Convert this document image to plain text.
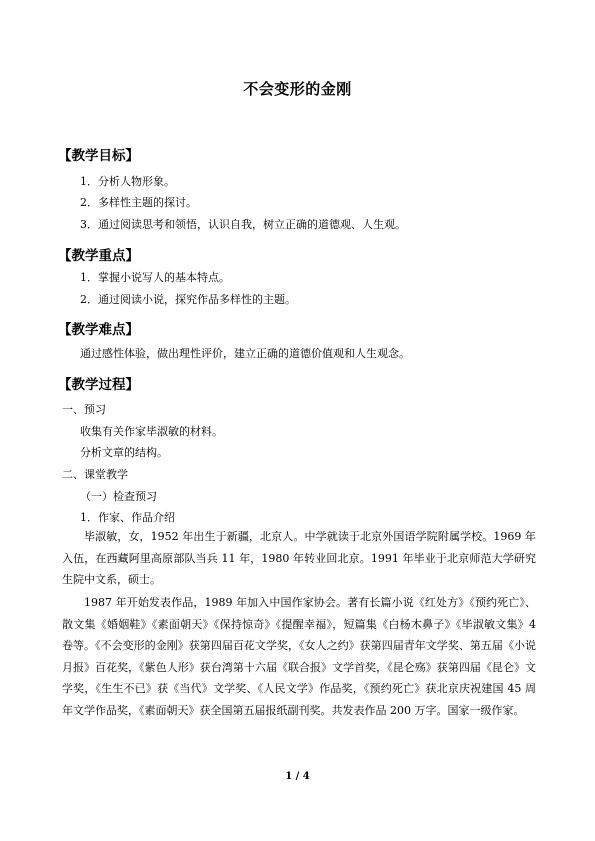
不会变形的金刚
【教学目标】
1．分析人物形象。
2．多样性主题的探讨。
3．通过阅读思考和领悟，认识自我，树立正确的道德观、人生观。
【教学重点】
1．掌握小说写人的基本特点。
2．通过阅读小说，探究作品多样性的主题。
【教学难点】
通过感性体验，做出理性评价，建立正确的道德价值观和人生观念。
【教学过程】
一、预习
收集有关作家毕淑敏的材料。
分析文章的结构。
二、课堂教学
（一）检查预习
1．作家、作品介绍
毕淑敏，女，1952 年出生于新疆，北京人。中学就读于北京外国语学院附属学校。1969 年入伍，在西藏阿里高原部队当兵 11 年，1980 年转业回北京。1991 年毕业于北京师范大学研究生院中文系，硕士。
1987 年开始发表作品，1989 年加入中国作家协会。著有长篇小说《红处方》《预约死亡》、散文集《婚姻鞋》《素面朝天》《保持惊奇》《提醒幸福》，短篇集《白杨木鼻子》《毕淑敏文集》4 卷等。《不会变形的金刚》获第四届百花文学奖，《女人之约》获第四届青年文学奖、第五届《小说月报》百花奖，《紫色人形》获台湾第十六届《联合报》文学首奖，《昆仑殇》获第四届《昆仑》文学奖，《生生不已》获《当代》文学奖、《人民文学》作品奖，《预约死亡》获北京庆祝建国 45 周年文学作品奖，《素面朝天》获全国第五届报纸副刊奖。共发表作品 200 万字。国家一级作家。
1 / 4
